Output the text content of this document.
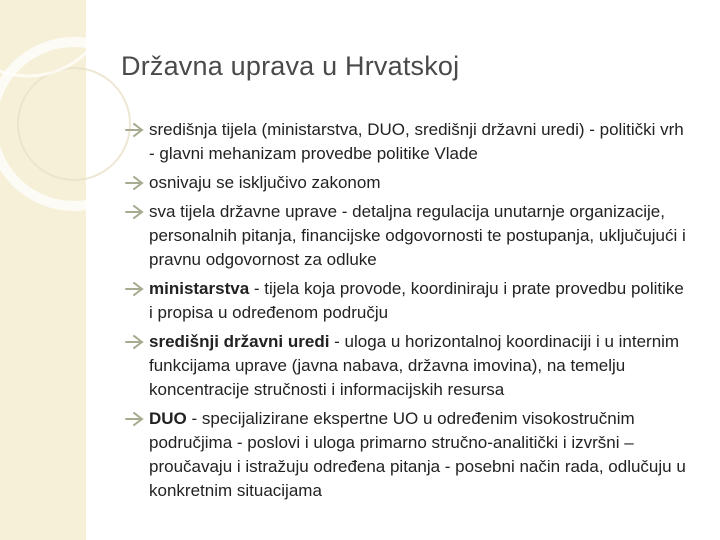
Državna uprava u Hrvatskoj
središnja tijela (ministarstva, DUO, središnji državni uredi) - politički vrh - glavni mehanizam provedbe politike Vlade
osnivaju se isključivo zakonom
sva tijela državne uprave - detaljna regulacija unutarnje organizacije, personalnih pitanja, financijske odgovornosti te postupanja, uključujući i pravnu odgovornost za odluke
ministarstva - tijela koja provode, koordiniraju i prate provedbu politike i propisa u određenom području
središnji državni uredi - uloga u horizontalnoj koordinaciji i u internim funkcijama uprave (javna nabava, državna imovina), na temelju koncentracije stručnosti i informacijskih resursa
DUO - specijalizirane ekspertne UO u određenim visokostručnim područjima - poslovi i uloga primarno stručno-analitički i izvršni – proučavaju i istražuju određena pitanja - posebni način rada, odlučuju u konkretnim situacijama
